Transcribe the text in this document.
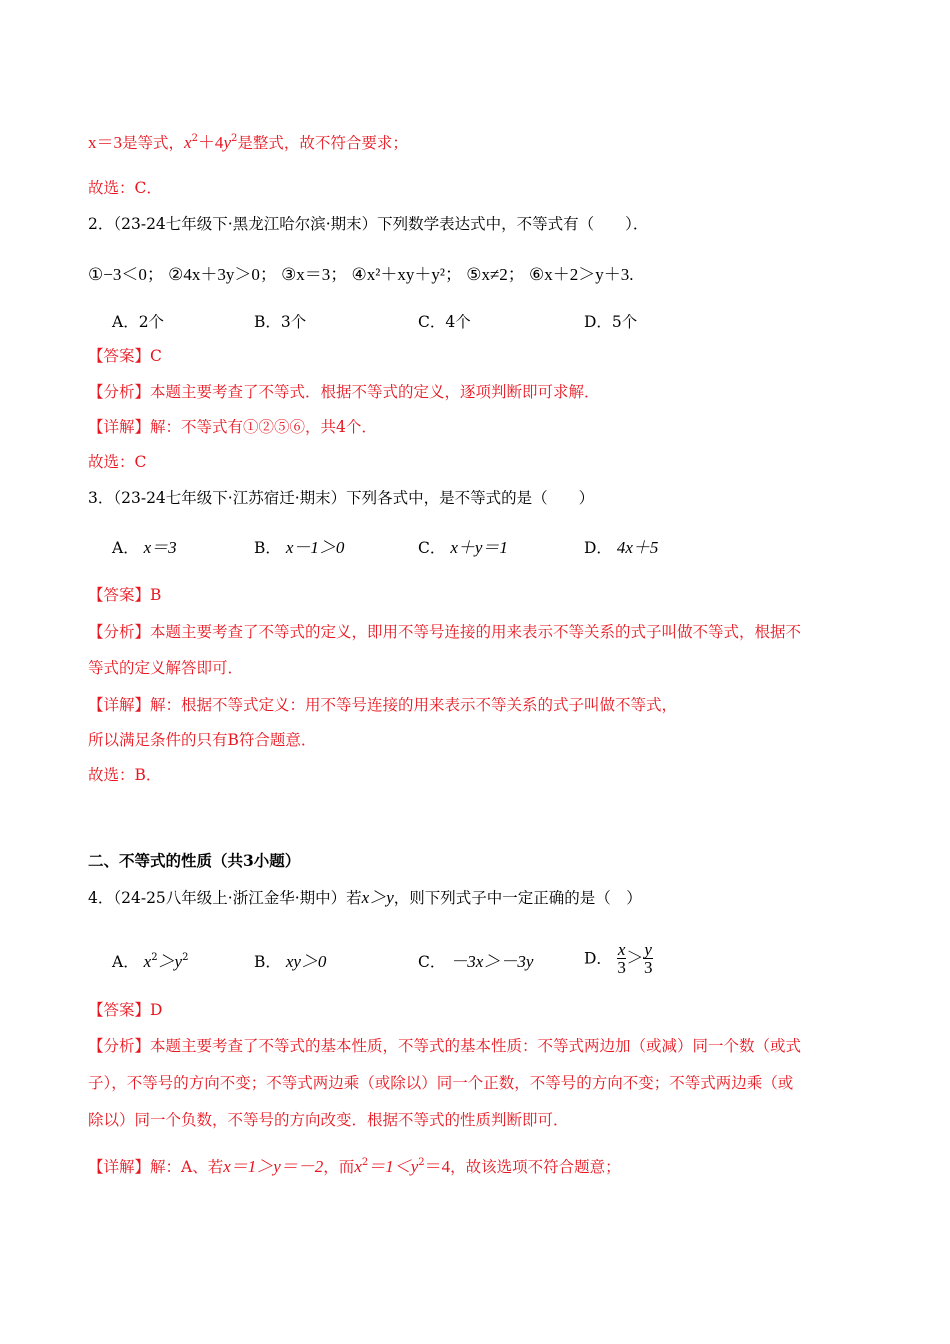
x＝3是等式，$x^2+4y^2$是整式，故不符合要求；
故选：C．
2．（23-24七年级下·黑龙江哈尔滨·期末）下列数学表达式中，不等式有（　　）．
①−3＜0； ②4x＋3y＞0； ③x＝3； ④x²＋xy＋y²； ⑤x≠2； ⑥x＋2＞y＋3.
A．2个	B．3个	C．4个	D．5个
【答案】C
【分析】本题主要考查了不等式．根据不等式的定义，逐项判断即可求解．
【详解】解：不等式有①②⑤⑥，共4个．
故选：C
3．（23-24七年级下·江苏宿迁·期末）下列各式中，是不等式的是（　　）
A． x＝3	B． x－1＞0	C． x＋y＝1	D． 4x＋5
【答案】B
【分析】本题主要考查了不等式的定义，即用不等号连接的用来表示不等关系的式子叫做不等式，根据不
等式的定义解答即可．
【详解】解：根据不等式定义：用不等号连接的用来表示不等关系的式子叫做不等式，
所以满足条件的只有B符合题意．
故选：B．
二、不等式的性质（共3小题）
4．（24-25八年级上·浙江金华·期中）若x＞y，则下列式子中一定正确的是（　）
A． $x^2>y^2$	B． xy＞0	C． －3x＞－3y	D． $\frac{x}{3} > \frac{y}{3}$
【答案】D
【分析】本题主要考查了不等式的基本性质，不等式的基本性质：不等式两边加（或减）同一个数（或式
子），不等号的方向不变；不等式两边乘（或除以）同一个正数，不等号的方向不变；不等式两边乘（或
除以）同一个负数，不等号的方向改变．根据不等式的性质判断即可．
【详解】解：A、若x＝1＞y＝－2，而$x^2=1<y^2=4$，故该选项不符合题意；
